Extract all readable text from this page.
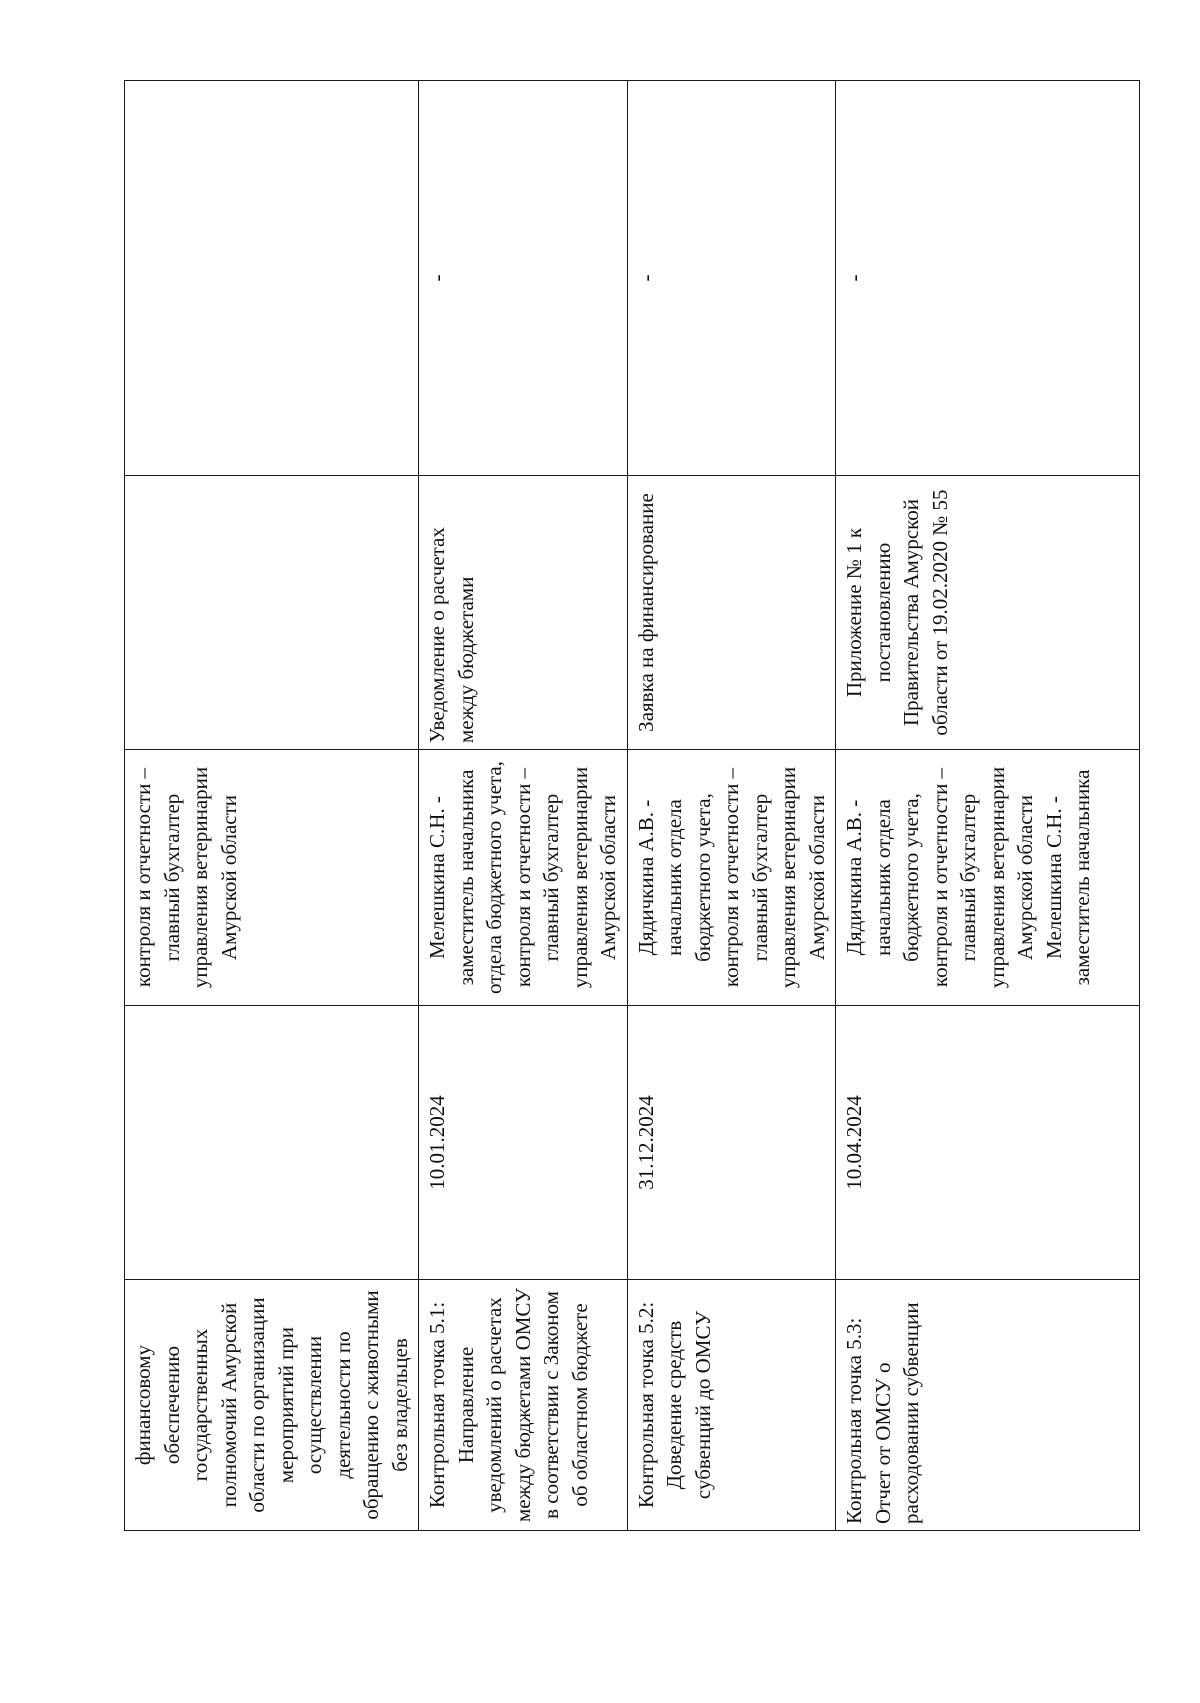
финансовому обеспечению государственных полномочий Амурской области по организации мероприятий при осуществлении деятельности по обращению с животными без владельцев		контроля и отчетности – главный бухгалтер управления ветеринарии Амурской области		

Контрольная точка 5.1: Направление уведомлений о расчетах между бюджетами ОМСУ в соответствии с Законом об областном бюджете	10.01.2024	Мелешкина С.Н. - заместитель начальника отдела бюджетного учета, контроля и отчетности – главный бухгалтер управления ветеринарии Амурской области	Уведомление о расчетах между бюджетами	-

Контрольная точка 5.2: Доведение средств субвенций до ОМСУ	31.12.2024	Дядичкина А.В. - начальник отдела бюджетного учета, контроля и отчетности – главный бухгалтер управления ветеринарии Амурской области	Заявка на финансирование	-

Контрольная точка 5.3: Отчет от ОМСУ о расходовании субвенции	10.04.2024	Дядичкина А.В. - начальник отдела бюджетного учета, контроля и отчетности – главный бухгалтер управления ветеринарии Амурской области Мелешкина С.Н. - заместитель начальника	Приложение № 1 к постановлению Правительства Амурской области от 19.02.2020 № 55	-
